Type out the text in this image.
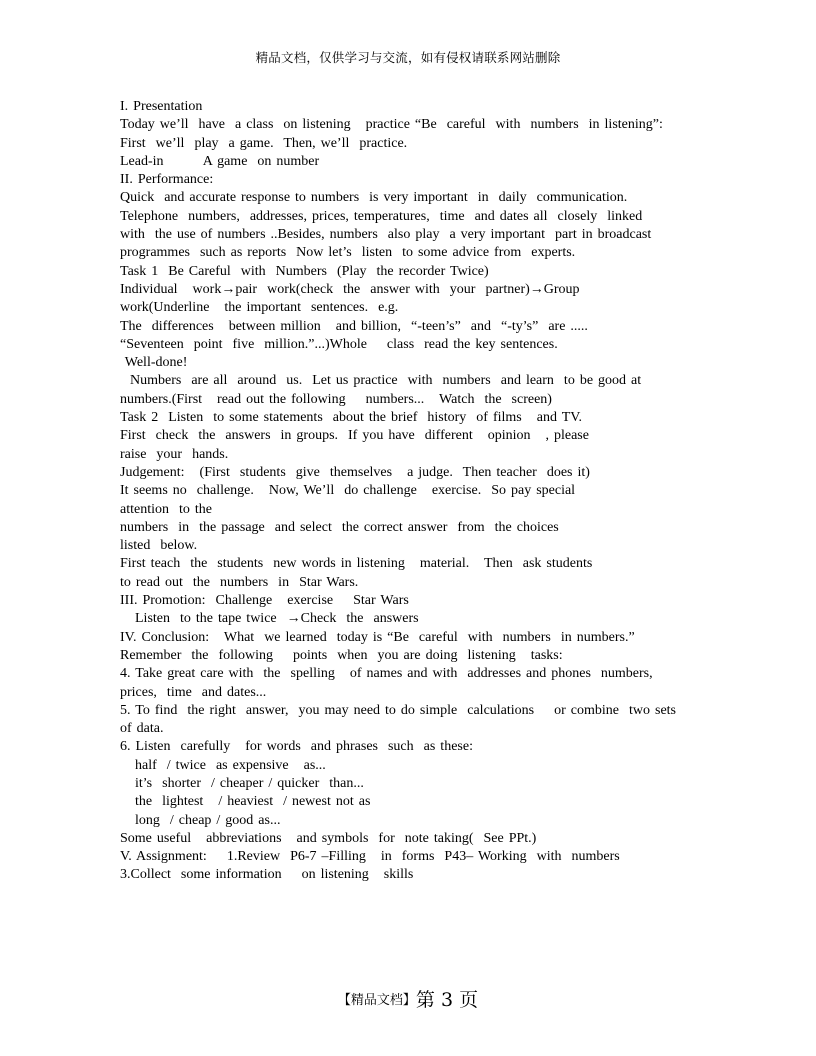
精品文档，仅供学习与交流，如有侵权请联系网站删除
I. Presentation
Today we’ll  have  a class  on listening   practice “Be  careful  with  numbers  in listening”:
First  we’ll  play  a game.  Then, we’ll  practice.
Lead-in        A game  on number
II. Performance:
Quick  and accurate response to numbers  is very important  in  daily  communication.
Telephone  numbers,  addresses, prices, temperatures,  time  and dates all  closely  linked
with  the use of numbers ..Besides, numbers  also play  a very important  part in broadcast
programmes  such as reports  Now let’s  listen  to some advice from  experts.
Task 1  Be Careful  with  Numbers  (Play  the recorder Twice)
Individual   work→pair  work(check  the  answer with  your  partner)→Group
work(Underline   the important  sentences.  e.g.
The  differences   between million   and billion,  “-teen’s”  and  “-ty’s”  are .....
“Seventeen  point  five  million.”...)Whole    class  read the key sentences.
Well-done!
Numbers  are all  around  us.  Let us practice  with  numbers  and learn  to be good at
numbers.(First   read out the following    numbers...   Watch  the  screen)
Task 2  Listen  to some statements  about the brief  history  of films   and TV.
First  check  the  answers  in groups.  If you have  different   opinion   , please
raise  your  hands.
Judgement:   (First  students  give  themselves   a judge.  Then teacher  does it)
It seems no  challenge.   Now, We’ll  do challenge   exercise.  So pay special
attention  to the
numbers  in  the passage  and select  the correct answer  from  the choices
listed  below.
First teach  the  students  new words in listening   material.   Then  ask students
to read out  the  numbers  in  Star Wars.
III. Promotion:  Challenge   exercise    Star Wars
Listen  to the tape twice  →Check  the  answers
IV. Conclusion:   What  we learned  today is “Be  careful  with  numbers  in numbers.”
Remember  the  following    points  when  you are doing  listening   tasks:
4. Take great care with  the  spelling   of names and with  addresses and phones  numbers,
prices,  time  and dates...
5. To find  the right  answer,  you may need to do simple  calculations    or combine  two sets
of data.
6. Listen  carefully   for words  and phrases  such  as these:
half  / twice  as expensive   as...
it’s  shorter  / cheaper / quicker  than...
the  lightest   / heaviest  / newest not as
long  / cheap / good as...
Some useful   abbreviations   and symbols  for  note taking(  See PPt.)
V. Assignment:    1.Review  P6-7 –Filling   in  forms  P43– Working  with  numbers
3.Collect  some information    on listening   skills
【精品文档】第 3 页
